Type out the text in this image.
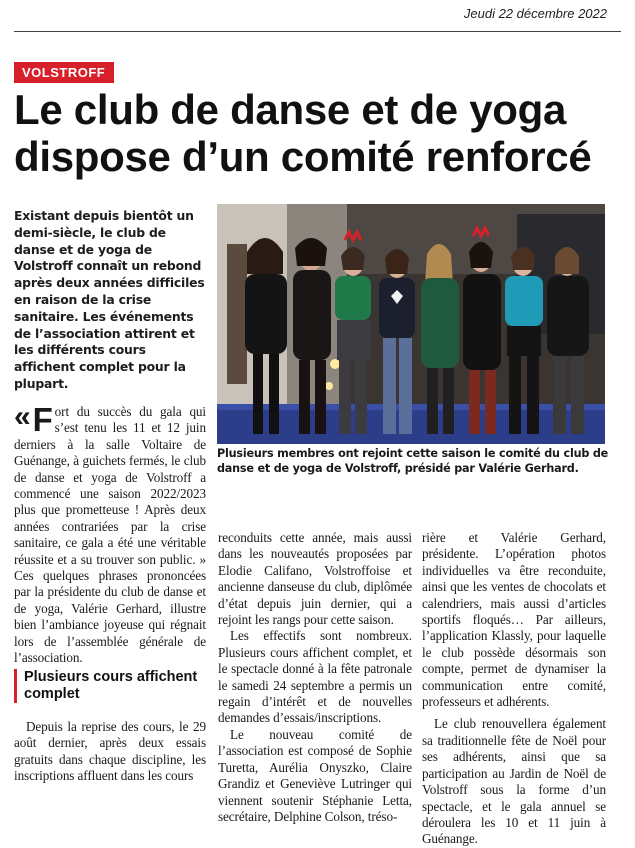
Jeudi 22 décembre 2022
VOLSTROFF
Le club de danse et de yoga dispose d’un comité renforcé

Existant depuis bientôt un demi-siècle, le club de danse et de yoga de Volstroff connaît un rebond après deux années difficiles en raison de la crise sanitaire. Les événements de l’association attirent et les différents cours affichent complet pour la plupart.

« F ort du succès du gala qui s’est tenu les 11 et 12 juin derniers à la salle Voltaire de Guénange, à guichets fermés, le club de danse et yoga de Volstroff a commencé une saison 2022/2023 plus que prometteuse ! Après deux années contrariées par la crise sanitaire, ce gala a été une véritable réussite et a su trouver son public. » Ces quelques phrases prononcées par la présidente du club de danse et de yoga, Valérie Gerhard, illustre bien l’ambiance joyeuse qui régnait lors de l’assemblée générale de l’association.

Plusieurs cours affichent complet

Depuis la reprise des cours, le 29 août dernier, après deux essais gratuits dans chaque discipline, les inscriptions affluent dans les cours

Plusieurs membres ont rejoint cette saison le comité du club de danse et de yoga de Volstroff, présidé par Valérie Gerhard.

reconduits cette année, mais aussi dans les nouveautés proposées par Elodie Califano, Volstroffoise et ancienne danseuse du club, diplômée d’état depuis juin dernier, qui a rejoint les rangs pour cette saison.

Les effectifs sont nombreux. Plusieurs cours affichent complet, et le spectacle donné à la fête patronale le samedi 24 septembre a permis un regain d’intérêt et de nouvelles demandes d’essais/inscriptions.

Le nouveau comité de l’association est composé de Sophie Turetta, Aurélia Onyszko, Claire Grandiz et Geneviève Lutringer qui viennent soutenir Stéphanie Letta, secrétaire, Delphine Colson, tréso-

rière et Valérie Gerhard, présidente. L’opération photos individuelles va être reconduite, ainsi que les ventes de chocolats et calendriers, mais aussi d’articles sportifs floqués… Par ailleurs, l’application Klassly, pour laquelle le club possède désormais son compte, permet de dynamiser la communication entre comité, professeurs et adhérents.

Le club renouvellera également sa traditionnelle fête de Noël pour ses adhérents, ainsi que sa participation au Jardin de Noël de Volstroff sous la forme d’un spectacle, et le gala annuel se déroulera les 10 et 11 juin à Guénange.
